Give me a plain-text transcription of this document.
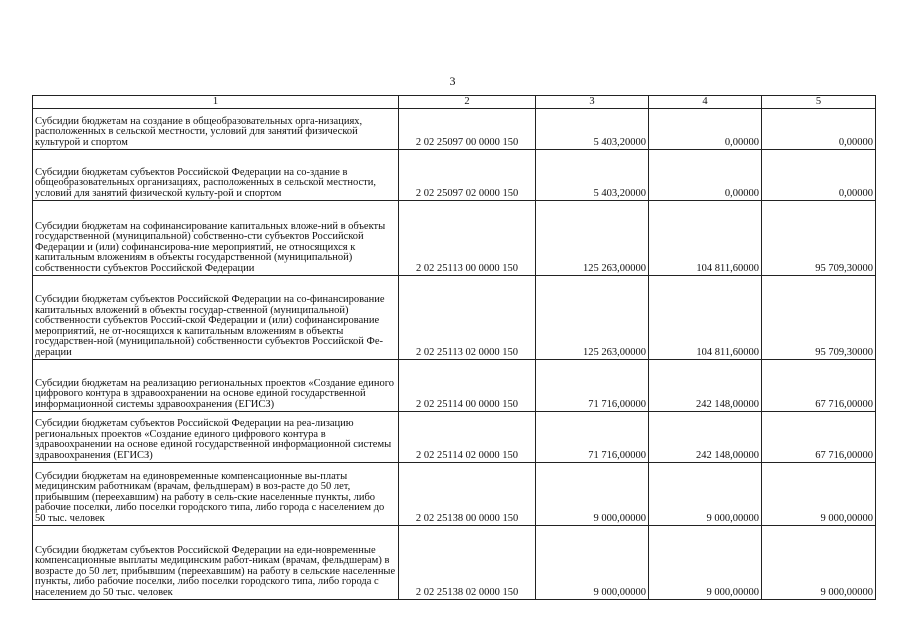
3
1	2	3	4	5
Субсидии бюджетам на создание в общеобразовательных орга-низациях, расположенных в сельской местности, условий для занятий физической культурой и спортом	2 02 25097 00 0000 150	5 403,20000	0,00000	0,00000
Субсидии бюджетам субъектов Российской Федерации на со-здание в общеобразовательных организациях, расположенных в сельской местности, условий для занятий физической культу-рой и спортом	2 02 25097 02 0000 150	5 403,20000	0,00000	0,00000
Субсидии бюджетам на софинансирование капитальных вложе-ний в объекты государственной (муниципальной) собственно-сти субъектов Российской Федерации и (или) софинансирова-ние мероприятий, не относящихся к капитальным вложениям в объекты государственной (муниципальной) собственности субъектов Российской Федерации	2 02 25113 00 0000 150	125 263,00000	104 811,60000	95 709,30000
Субсидии бюджетам субъектов Российской Федерации на со-финансирование капитальных вложений в объекты государ-ственной (муниципальной) собственности субъектов Россий-ской Федерации и (или) софинансирование мероприятий, не от-носящихся к капитальным вложениям в объекты государствен-ной (муниципальной) собственности субъектов Российской Фе-дерации	2 02 25113 02 0000 150	125 263,00000	104 811,60000	95 709,30000
Субсидии бюджетам на реализацию региональных проектов «Создание единого цифрового контура в здравоохранении на основе единой государственной информационной системы здравоохранения (ЕГИСЗ)	2 02 25114 00 0000 150	71 716,00000	242 148,00000	67 716,00000
Субсидии бюджетам субъектов Российской Федерации на реа-лизацию региональных проектов «Создание единого цифрового контура в здравоохранении на основе единой государственной информационной системы здравоохранения (ЕГИСЗ)	2 02 25114 02 0000 150	71 716,00000	242 148,00000	67 716,00000
Субсидии бюджетам на единовременные компенсационные вы-платы медицинским работникам (врачам, фельдшерам) в воз-расте до 50 лет, прибывшим (переехавшим) на работу в сель-ские населенные пункты, либо рабочие поселки, либо поселки городского типа, либо города с населением до 50 тыс. человек	2 02 25138 00 0000 150	9 000,00000	9 000,00000	9 000,00000
Субсидии бюджетам субъектов Российской Федерации на еди-новременные компенсационные выплаты медицинским работ-никам (врачам, фельдшерам) в возрасте до 50 лет, прибывшим (переехавшим) на работу в сельские населенные пункты, либо рабочие поселки, либо поселки городского типа, либо города с населением до 50 тыс. человек	2 02 25138 02 0000 150	9 000,00000	9 000,00000	9 000,00000
